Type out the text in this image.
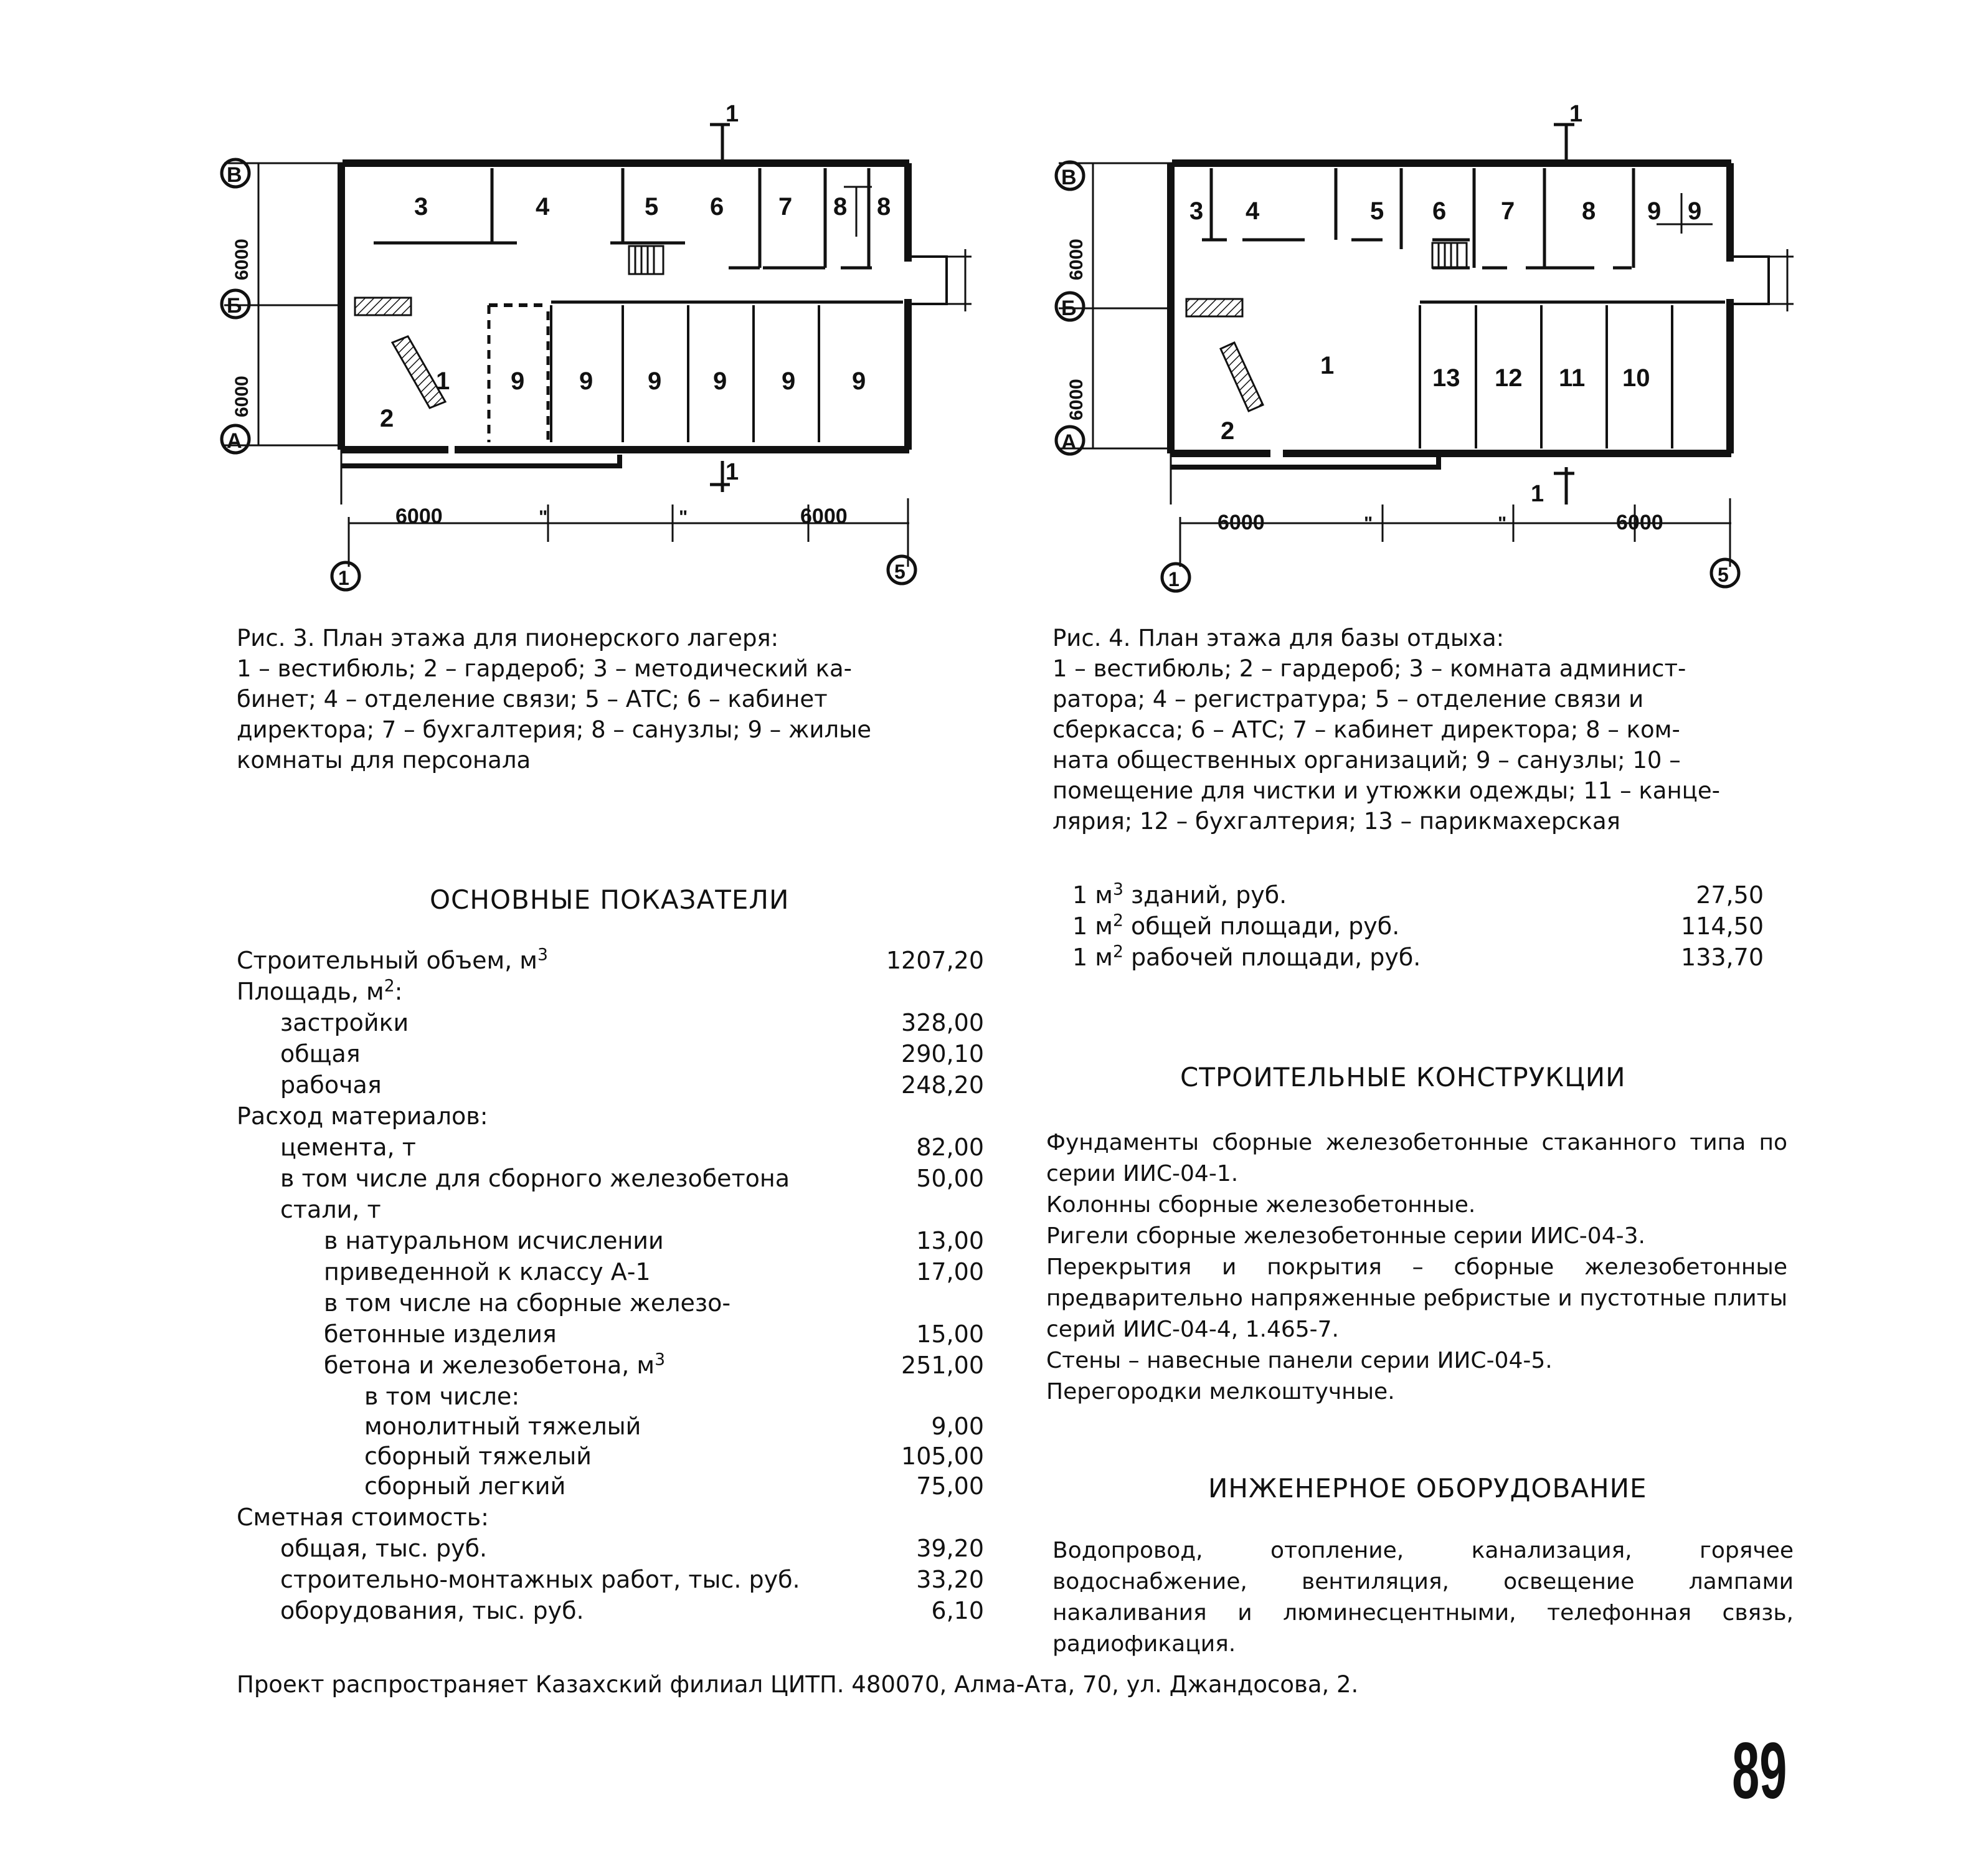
В
Б
А
1	5
6000
6000
6000	"	"	6000
3	4	5 6 7 8 8
1
2
9 9 9 9 9 9
1
1
Рис. 3. План этажа для пионерского лагеря:
1 – вестибюль; 2 – гардероб; 3 – методический ка-
бинет; 4 – отделение связи; 5 – АТС; 6 – кабинет
директора; 7 – бухгалтерия; 8 – санузлы; 9 – жилые
комнаты для персонала
В
Б
А
1	5
6000
6000
6000	"	"	6000
3 4	5 6 7	8 9 9
1
2
13 12 11 10
1
1
Рис. 4. План этажа для базы отдыха:
1 – вестибюль; 2 – гардероб; 3 – комната админист-
ратора; 4 – регистратура; 5 – отделение связи и
сберкасса; 6 – АТС; 7 – кабинет директора; 8 – ком-
ната общественных организаций; 9 – санузлы; 10 –
помещение для чистки и утюжки одежды; 11 – канце-
лярия; 12 – бухгалтерия; 13 – парикмахерская
ОСНОВНЫЕ ПОКАЗАТЕЛИ
Строительный объем, $м^3$	1207,20
Площадь, $м^2$:
застройки	328,00
общая	290,10
рабочая	248,20
Расход материалов:
цемента, т	82,00
в том числе для сборного железобетона	50,00
стали, т
в натуральном исчислении	13,00
приведенной к классу А-1	17,00
в том числе на сборные железо-
бетонные изделия	15,00
бетона и железобетона, $м^3$	251,00
в том числе:
монолитный тяжелый	9,00
сборный тяжелый	105,00
сборный легкий	75,00
Сметная стоимость:
общая, тыс. руб.	39,20
строительно-монтажных работ, тыс. руб.	33,20
оборудования, тыс. руб.	6,10
1 $м^3$ зданий, руб.	27,50
1 $м^2$ общей площади, руб.	114,50
1 $м^2$ рабочей площади, руб.	133,70
СТРОИТЕЛЬНЫЕ КОНСТРУКЦИИ

Фундаменты сборные железобетонные стаканного типа по серии ИИС-04-1.

Колонны сборные железобетонные.

Ригели сборные железобетонные серии ИИС-04-3.

Перекрытия и покрытия – сборные железобетонные предварительно напряженные ребристые и пустотные плиты серий ИИС-04-4, 1.465-7.

Стены – навесные панели серии ИИС-04-5.

Перегородки мелкоштучные.

ИНЖЕНЕРНОЕ ОБОРУДОВАНИЕ
Водопровод, отопление, канализация, горячее водоснабжение, вентиляция, освещение лампами накаливания и люминесцентными, телефонная связь, радиофикация.
Проект распространяет Казахский филиал ЦИТП. 480070, Алма-Ата, 70, ул. Джандосова, 2.
89
